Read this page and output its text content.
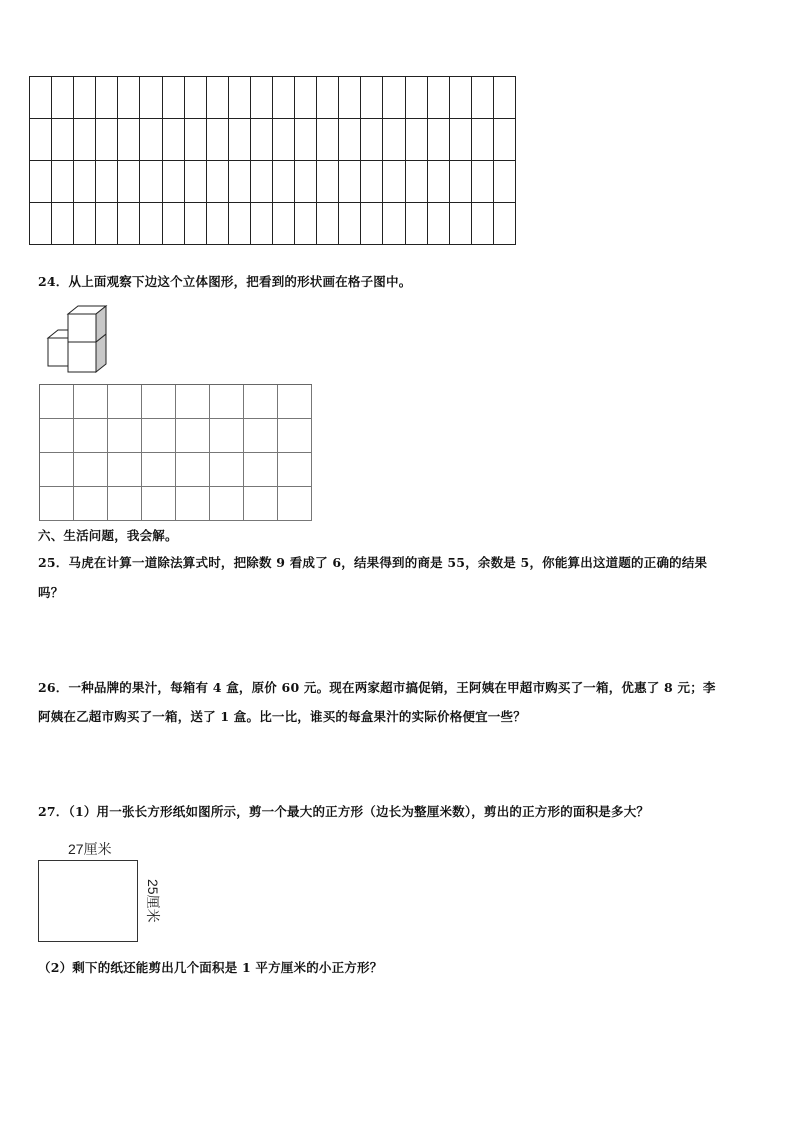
24．从上面观察下边这个立体图形，把看到的形状画在格子图中。
六、生活问题，我会解。
25．马虎在计算一道除法算式时，把除数 9 看成了 6，结果得到的商是 55，余数是 5，你能算出这道题的正确的结果
吗？
26．一种品牌的果汁，每箱有 4 盒，原价 60 元。现在两家超市搞促销，王阿姨在甲超市购买了一箱，优惠了 8 元；李
阿姨在乙超市购买了一箱，送了 1 盒。比一比，谁买的每盒果汁的实际价格便宜一些？
27．（1）用一张长方形纸如图所示，剪一个最大的正方形（边长为整厘米数），剪出的正方形的面积是多大？
27厘米
25厘米
（2）剩下的纸还能剪出几个面积是 1 平方厘米的小正方形？
